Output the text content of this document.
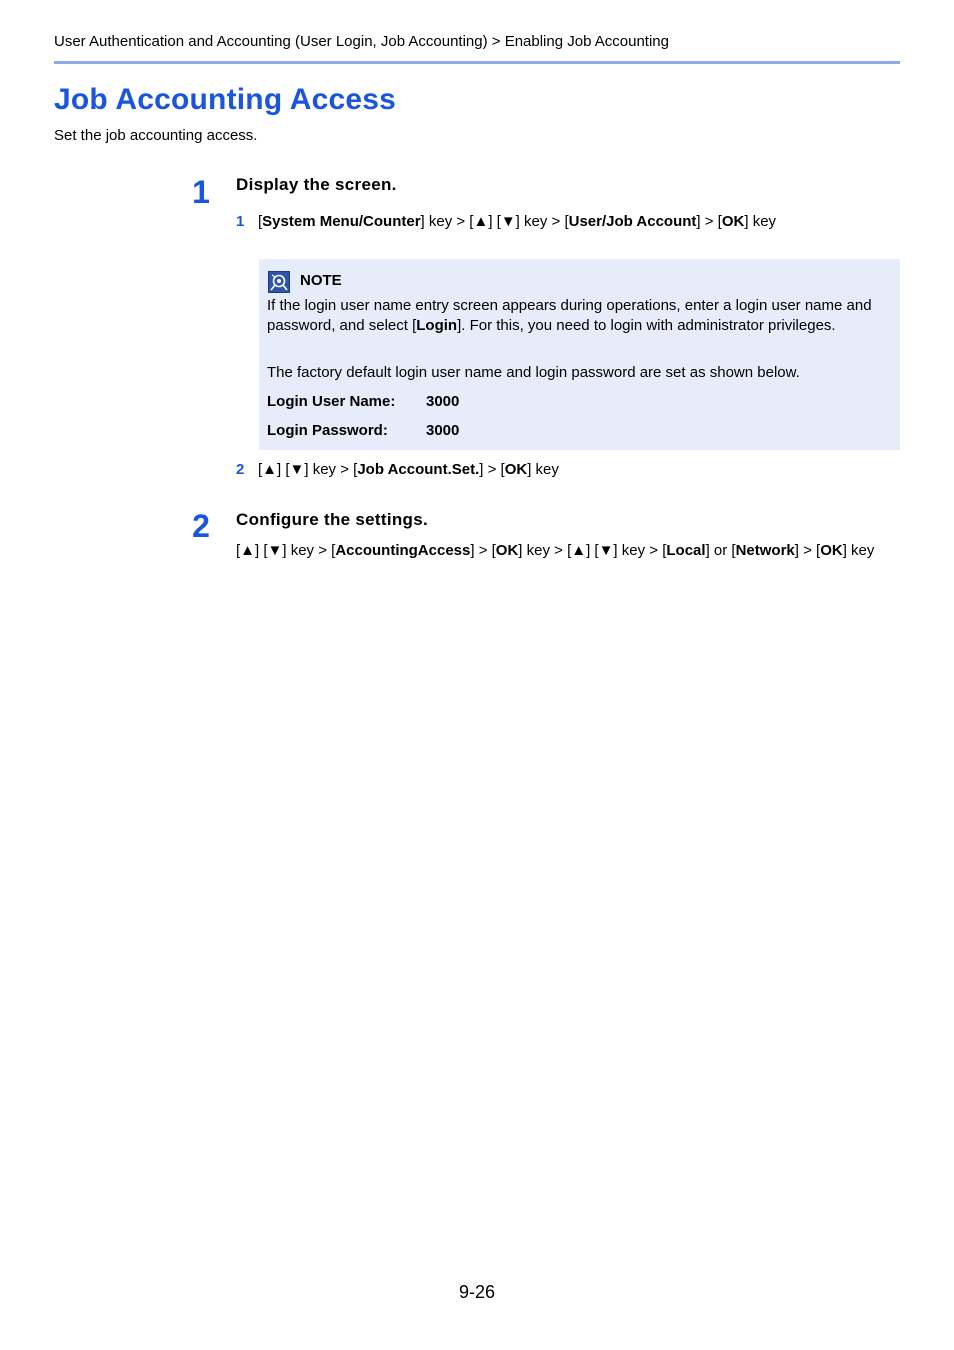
User Authentication and Accounting (User Login, Job Accounting) > Enabling Job Accounting
Job Accounting Access
Set the job accounting access.
1	Display the screen.
1 [System Menu/Counter] key > [▲] [▼] key > [User/Job Account] > [OK] key
NOTE
If the login user name entry screen appears during operations, enter a login user name and password, and select [Login]. For this, you need to login with administrator privileges.
The factory default login user name and login password are set as shown below.
Login User Name: 3000
Login Password:	3000
2 [▲] [▼] key > [Job Account.Set.] > [OK] key
2	Configure the settings.
[▲] [▼] key > [AccountingAccess] > [OK] key > [▲] [▼] key > [Local] or [Network] > [OK] key
9-26
